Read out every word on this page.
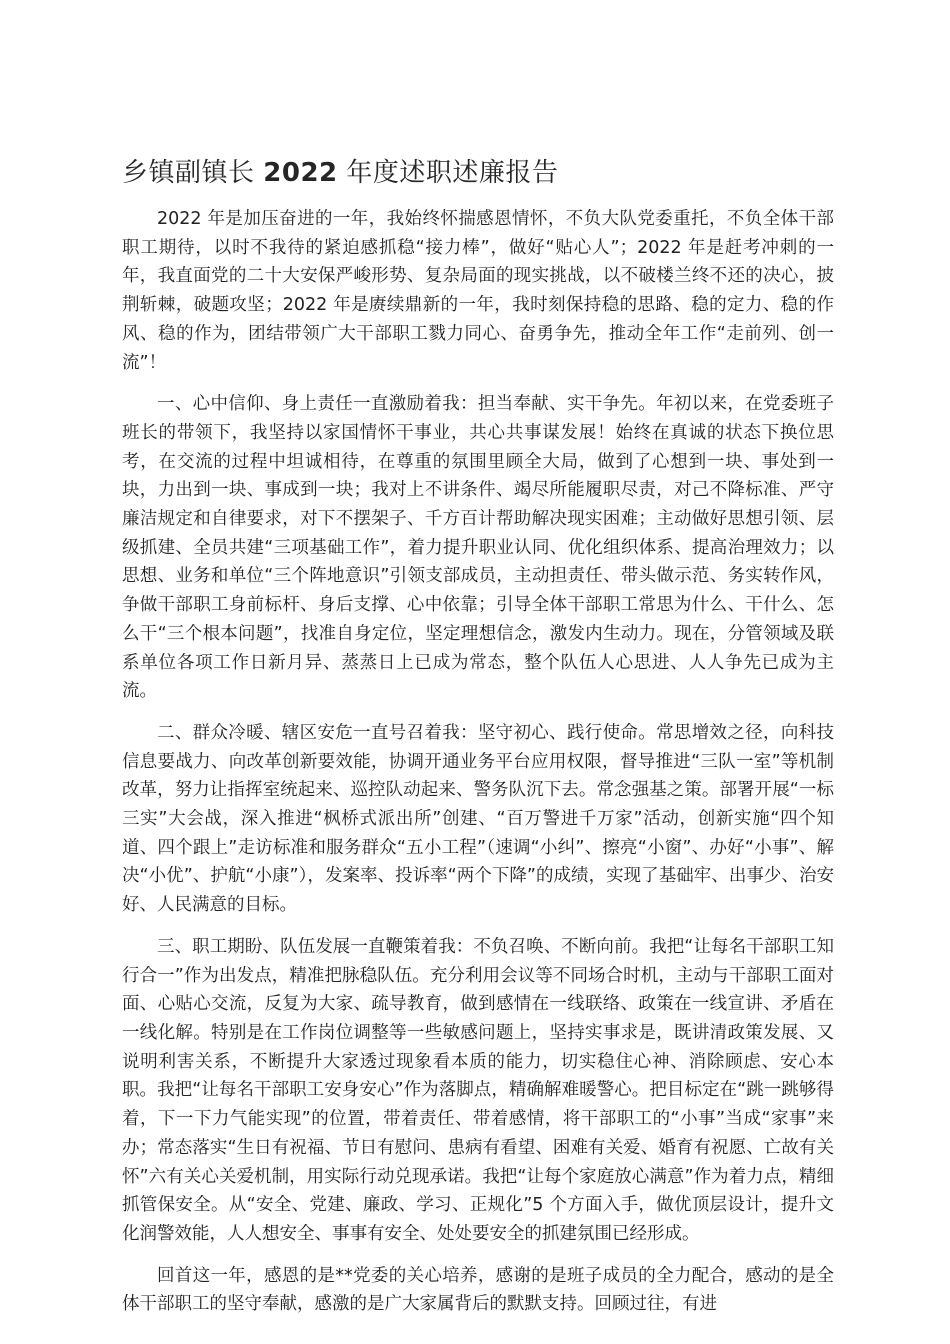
乡镇副镇长 2022 年度述职述廉报告

2022 年是加压奋进的一年，我始终怀揣感恩情怀，不负大队党委重托，不负全体干部职工期待，以时不我待的紧迫感抓稳“接力棒”，做好“贴心人”；2022 年是赶考冲刺的一年，我直面党的二十大安保严峻形势、复杂局面的现实挑战，以不破楼兰终不还的决心，披荆斩棘，破题攻坚；2022 年是赓续鼎新的一年，我时刻保持稳的思路、稳的定力、稳的作风、稳的作为，团结带领广大干部职工戮力同心、奋勇争先，推动全年工作“走前列、创一流”！

一、心中信仰、身上责任一直激励着我：担当奉献、实干争先。年初以来，在党委班子班长的带领下，我坚持以家国情怀干事业，共心共事谋发展！始终在真诚的状态下换位思考，在交流的过程中坦诚相待，在尊重的氛围里顾全大局，做到了心想到一块、事处到一块，力出到一块、事成到一块；我对上不讲条件、竭尽所能履职尽责，对己不降标准、严守廉洁规定和自律要求，对下不摆架子、千方百计帮助解决现实困难；主动做好思想引领、层级抓建、全员共建“三项基础工作”，着力提升职业认同、优化组织体系、提高治理效力；以思想、业务和单位“三个阵地意识”引领支部成员，主动担责任、带头做示范、务实转作风，争做干部职工身前标杆、身后支撑、心中依靠；引导全体干部职工常思为什么、干什么、怎么干“三个根本问题”，找准自身定位，坚定理想信念，激发内生动力。现在，分管领域及联系单位各项工作日新月异、蒸蒸日上已成为常态，整个队伍人心思进、人人争先已成为主流。

二、群众冷暖、辖区安危一直号召着我：坚守初心、践行使命。常思增效之径，向科技信息要战力、向改革创新要效能，协调开通业务平台应用权限，督导推进“三队一室”等机制改革，努力让指挥室统起来、巡控队动起来、警务队沉下去。常念强基之策。部署开展“一标三实”大会战，深入推进“枫桥式派出所”创建、“百万警进千万家”活动，创新实施“四个知道、四个跟上”走访标准和服务群众“五小工程”（速调“小纠”、擦亮“小窗”、办好“小事”、解决“小优”、护航“小康”），发案率、投诉率“两个下降”的成绩，实现了基础牢、出事少、治安好、人民满意的目标。

三、职工期盼、队伍发展一直鞭策着我：不负召唤、不断向前。我把“让每名干部职工知行合一”作为出发点，精准把脉稳队伍。充分利用会议等不同场合时机，主动与干部职工面对面、心贴心交流，反复为大家、疏导教育，做到感情在一线联络、政策在一线宣讲、矛盾在一线化解。特别是在工作岗位调整等一些敏感问题上，坚持实事求是，既讲清政策发展、又说明利害关系，不断提升大家透过现象看本质的能力，切实稳住心神、消除顾虑、安心本职。我把“让每名干部职工安身安心”作为落脚点，精确解难暖警心。把目标定在“跳一跳够得着，下一下力气能实现”的位置，带着责任、带着感情，将干部职工的“小事”当成“家事”来办；常态落实“生日有祝福、节日有慰问、患病有看望、困难有关爱、婚育有祝愿、亡故有关怀”六有关心关爱机制，用实际行动兑现承诺。我把“让每个家庭放心满意”作为着力点，精细抓管保安全。从“安全、党建、廉政、学习、正规化”5 个方面入手，做优顶层设计，提升文化润警效能，人人想安全、事事有安全、处处要安全的抓建氛围已经形成。

回首这一年，感恩的是**党委的关心培养，感谢的是班子成员的全力配合，感动的是全体干部职工的坚守奉献，感激的是广大家属背后的默默支持。回顾过往，有进
